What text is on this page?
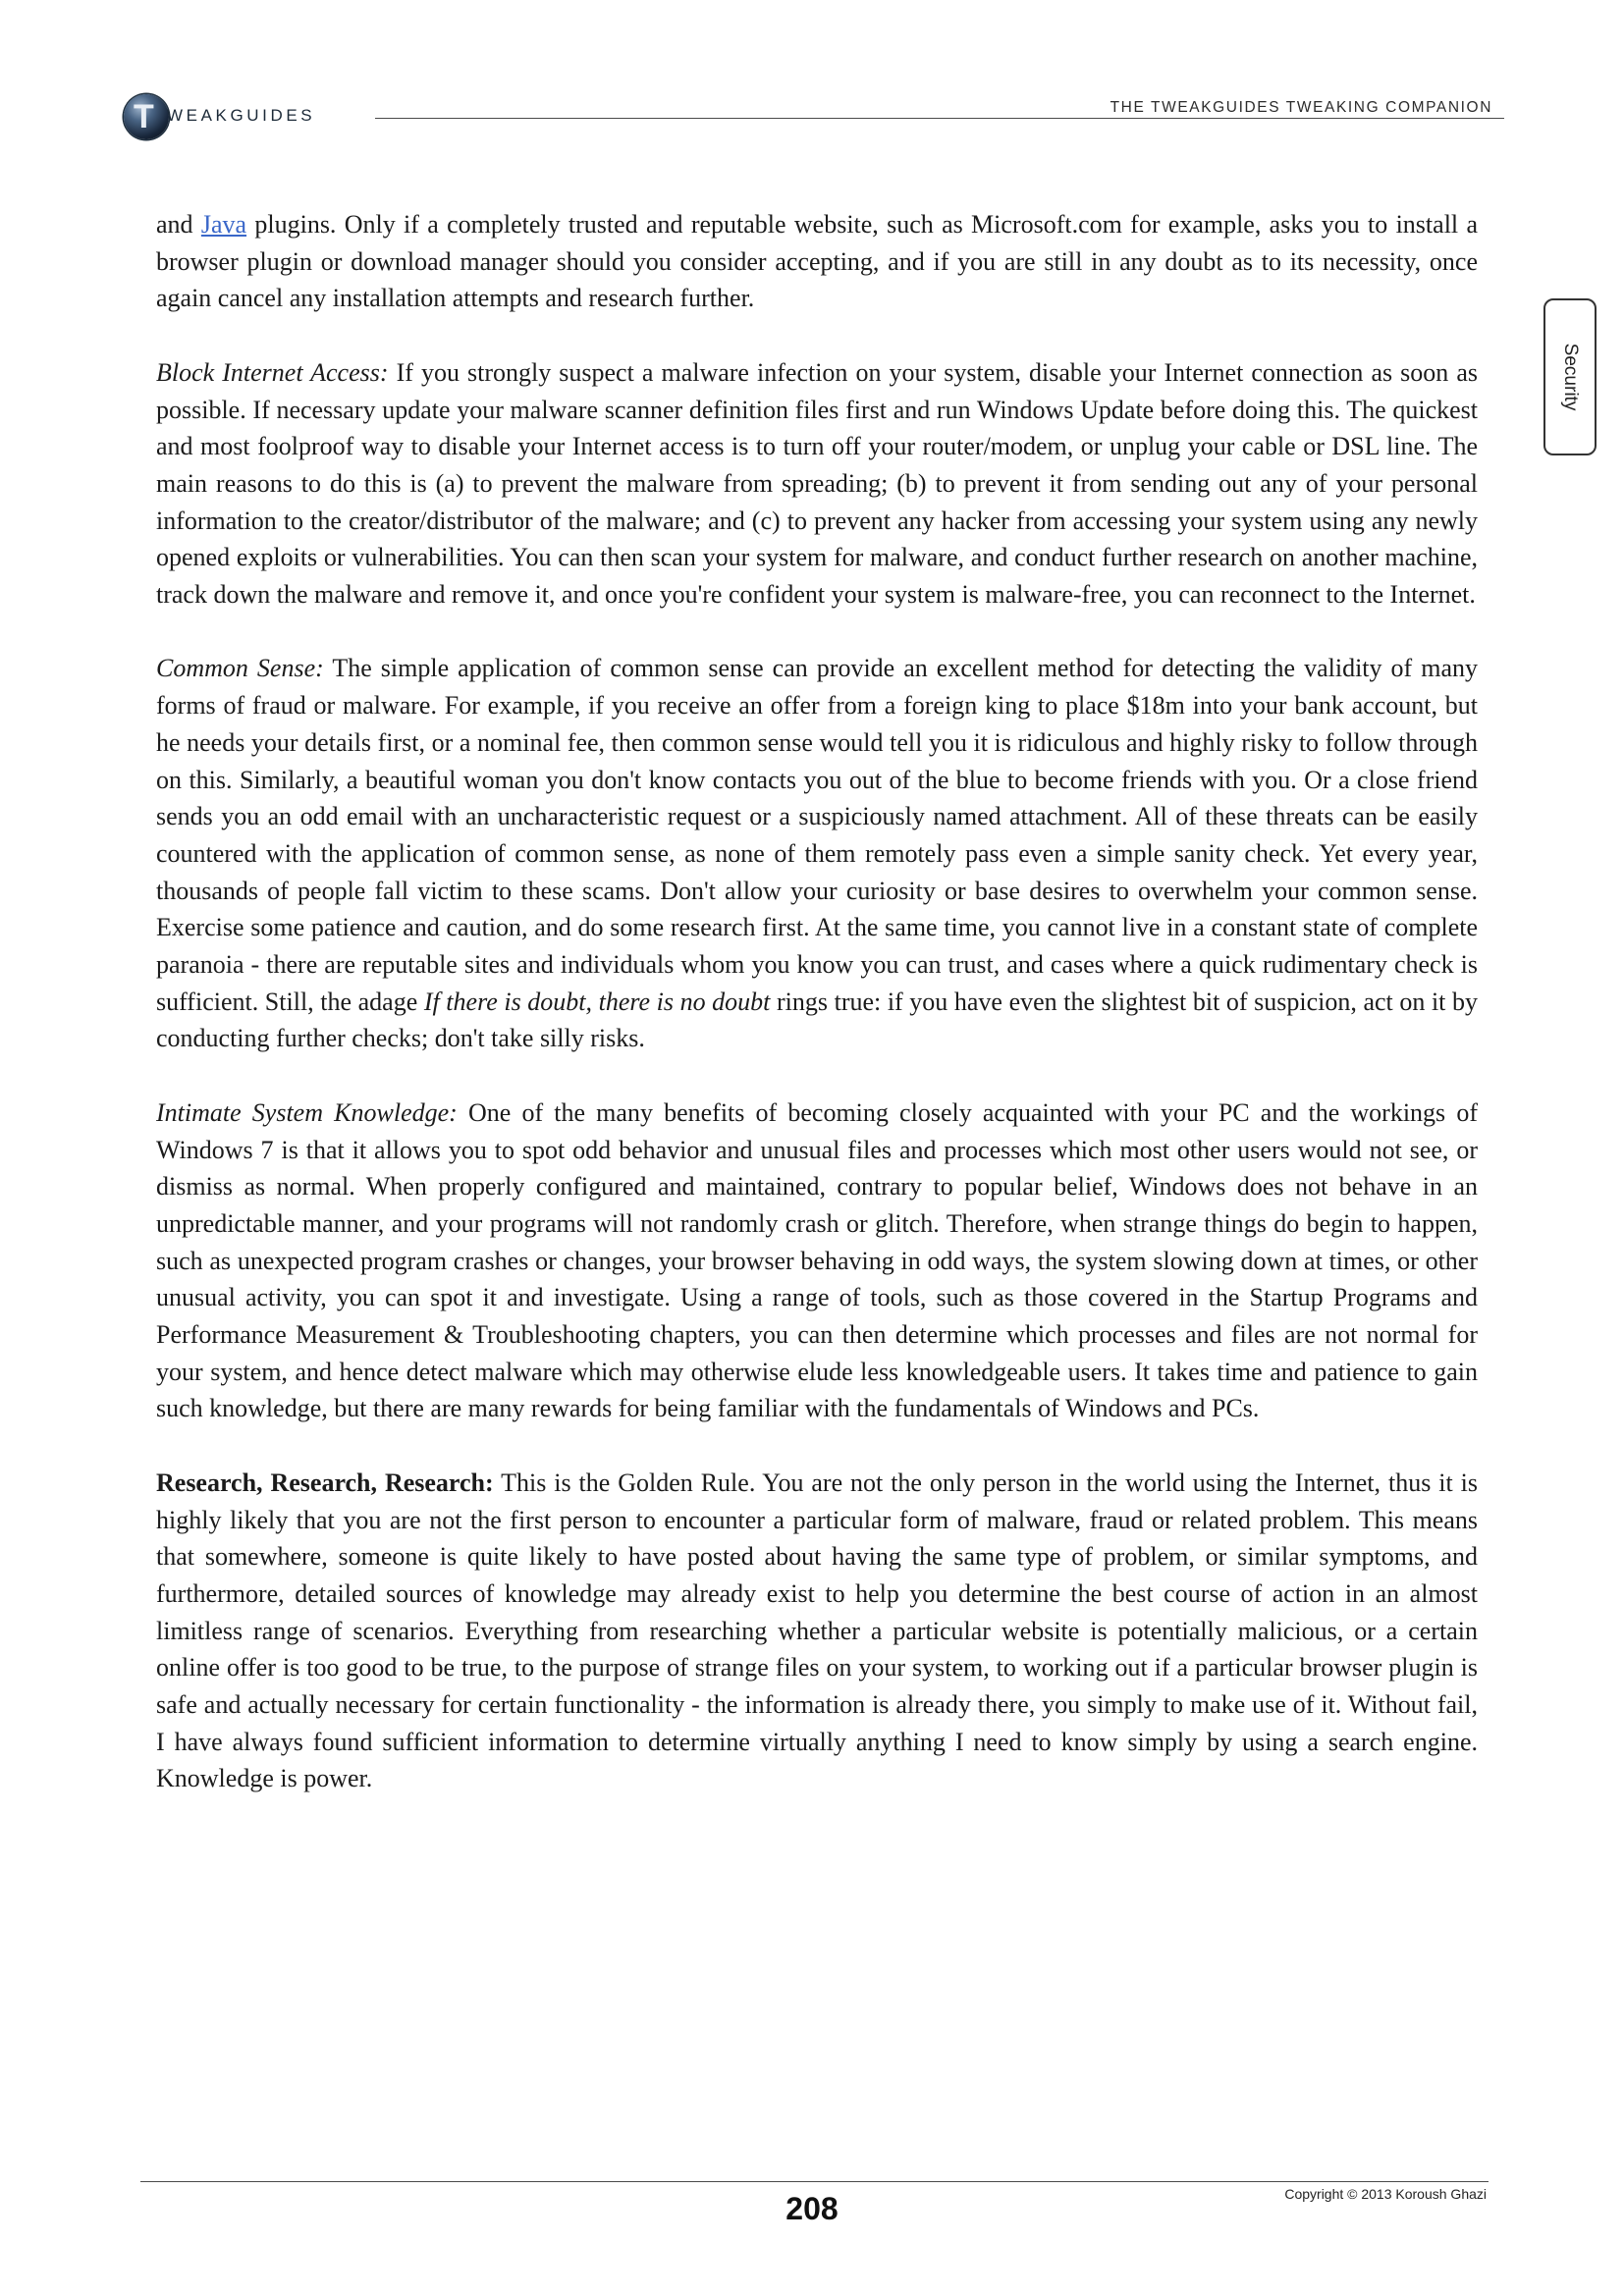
T WEAKGUIDES	THE TWEAKGUIDES TWEAKING COMPANION
Security

and Java plugins. Only if a completely trusted and reputable website, such as Microsoft.com for example, asks you to install a browser plugin or download manager should you consider accepting, and if you are still in any doubt as to its necessity, once again cancel any installation attempts and research further.

Block Internet Access: If you strongly suspect a malware infection on your system, disable your Internet connection as soon as possible. If necessary update your malware scanner definition files first and run Windows Update before doing this. The quickest and most foolproof way to disable your Internet access is to turn off your router/modem, or unplug your cable or DSL line. The main reasons to do this is (a) to prevent the malware from spreading; (b) to prevent it from sending out any of your personal information to the creator/distributor of the malware; and (c) to prevent any hacker from accessing your system using any newly opened exploits or vulnerabilities. You can then scan your system for malware, and conduct further research on another machine, track down the malware and remove it, and once you're confident your system is malware-free, you can reconnect to the Internet.

Common Sense: The simple application of common sense can provide an excellent method for detecting the validity of many forms of fraud or malware. For example, if you receive an offer from a foreign king to place $18m into your bank account, but he needs your details first, or a nominal fee, then common sense would tell you it is ridiculous and highly risky to follow through on this. Similarly, a beautiful woman you don't know contacts you out of the blue to become friends with you. Or a close friend sends you an odd email with an uncharacteristic request or a suspiciously named attachment. All of these threats can be easily countered with the application of common sense, as none of them remotely pass even a simple sanity check. Yet every year, thousands of people fall victim to these scams. Don't allow your curiosity or base desires to overwhelm your common sense. Exercise some patience and caution, and do some research first. At the same time, you cannot live in a constant state of complete paranoia - there are reputable sites and individuals whom you know you can trust, and cases where a quick rudimentary check is sufficient. Still, the adage If there is doubt, there is no doubt rings true: if you have even the slightest bit of suspicion, act on it by conducting further checks; don't take silly risks.

Intimate System Knowledge: One of the many benefits of becoming closely acquainted with your PC and the workings of Windows 7 is that it allows you to spot odd behavior and unusual files and processes which most other users would not see, or dismiss as normal. When properly configured and maintained, contrary to popular belief, Windows does not behave in an unpredictable manner, and your programs will not randomly crash or glitch. Therefore, when strange things do begin to happen, such as unexpected program crashes or changes, your browser behaving in odd ways, the system slowing down at times, or other unusual activity, you can spot it and investigate. Using a range of tools, such as those covered in the Startup Programs and Performance Measurement & Troubleshooting chapters, you can then determine which processes and files are not normal for your system, and hence detect malware which may otherwise elude less knowledgeable users. It takes time and patience to gain such knowledge, but there are many rewards for being familiar with the fundamentals of Windows and PCs.

Research, Research, Research: This is the Golden Rule. You are not the only person in the world using the Internet, thus it is highly likely that you are not the first person to encounter a particular form of malware, fraud or related problem. This means that somewhere, someone is quite likely to have posted about having the same type of problem, or similar symptoms, and furthermore, detailed sources of knowledge may already exist to help you determine the best course of action in an almost limitless range of scenarios. Everything from researching whether a particular website is potentially malicious, or a certain online offer is too good to be true, to the purpose of strange files on your system, to working out if a particular browser plugin is safe and actually necessary for certain functionality - the information is already there, you simply to make use of it. Without fail, I have always found sufficient information to determine virtually anything I need to know simply by using a search engine. Knowledge is power.

Copyright © 2013 Koroush Ghazi
208
